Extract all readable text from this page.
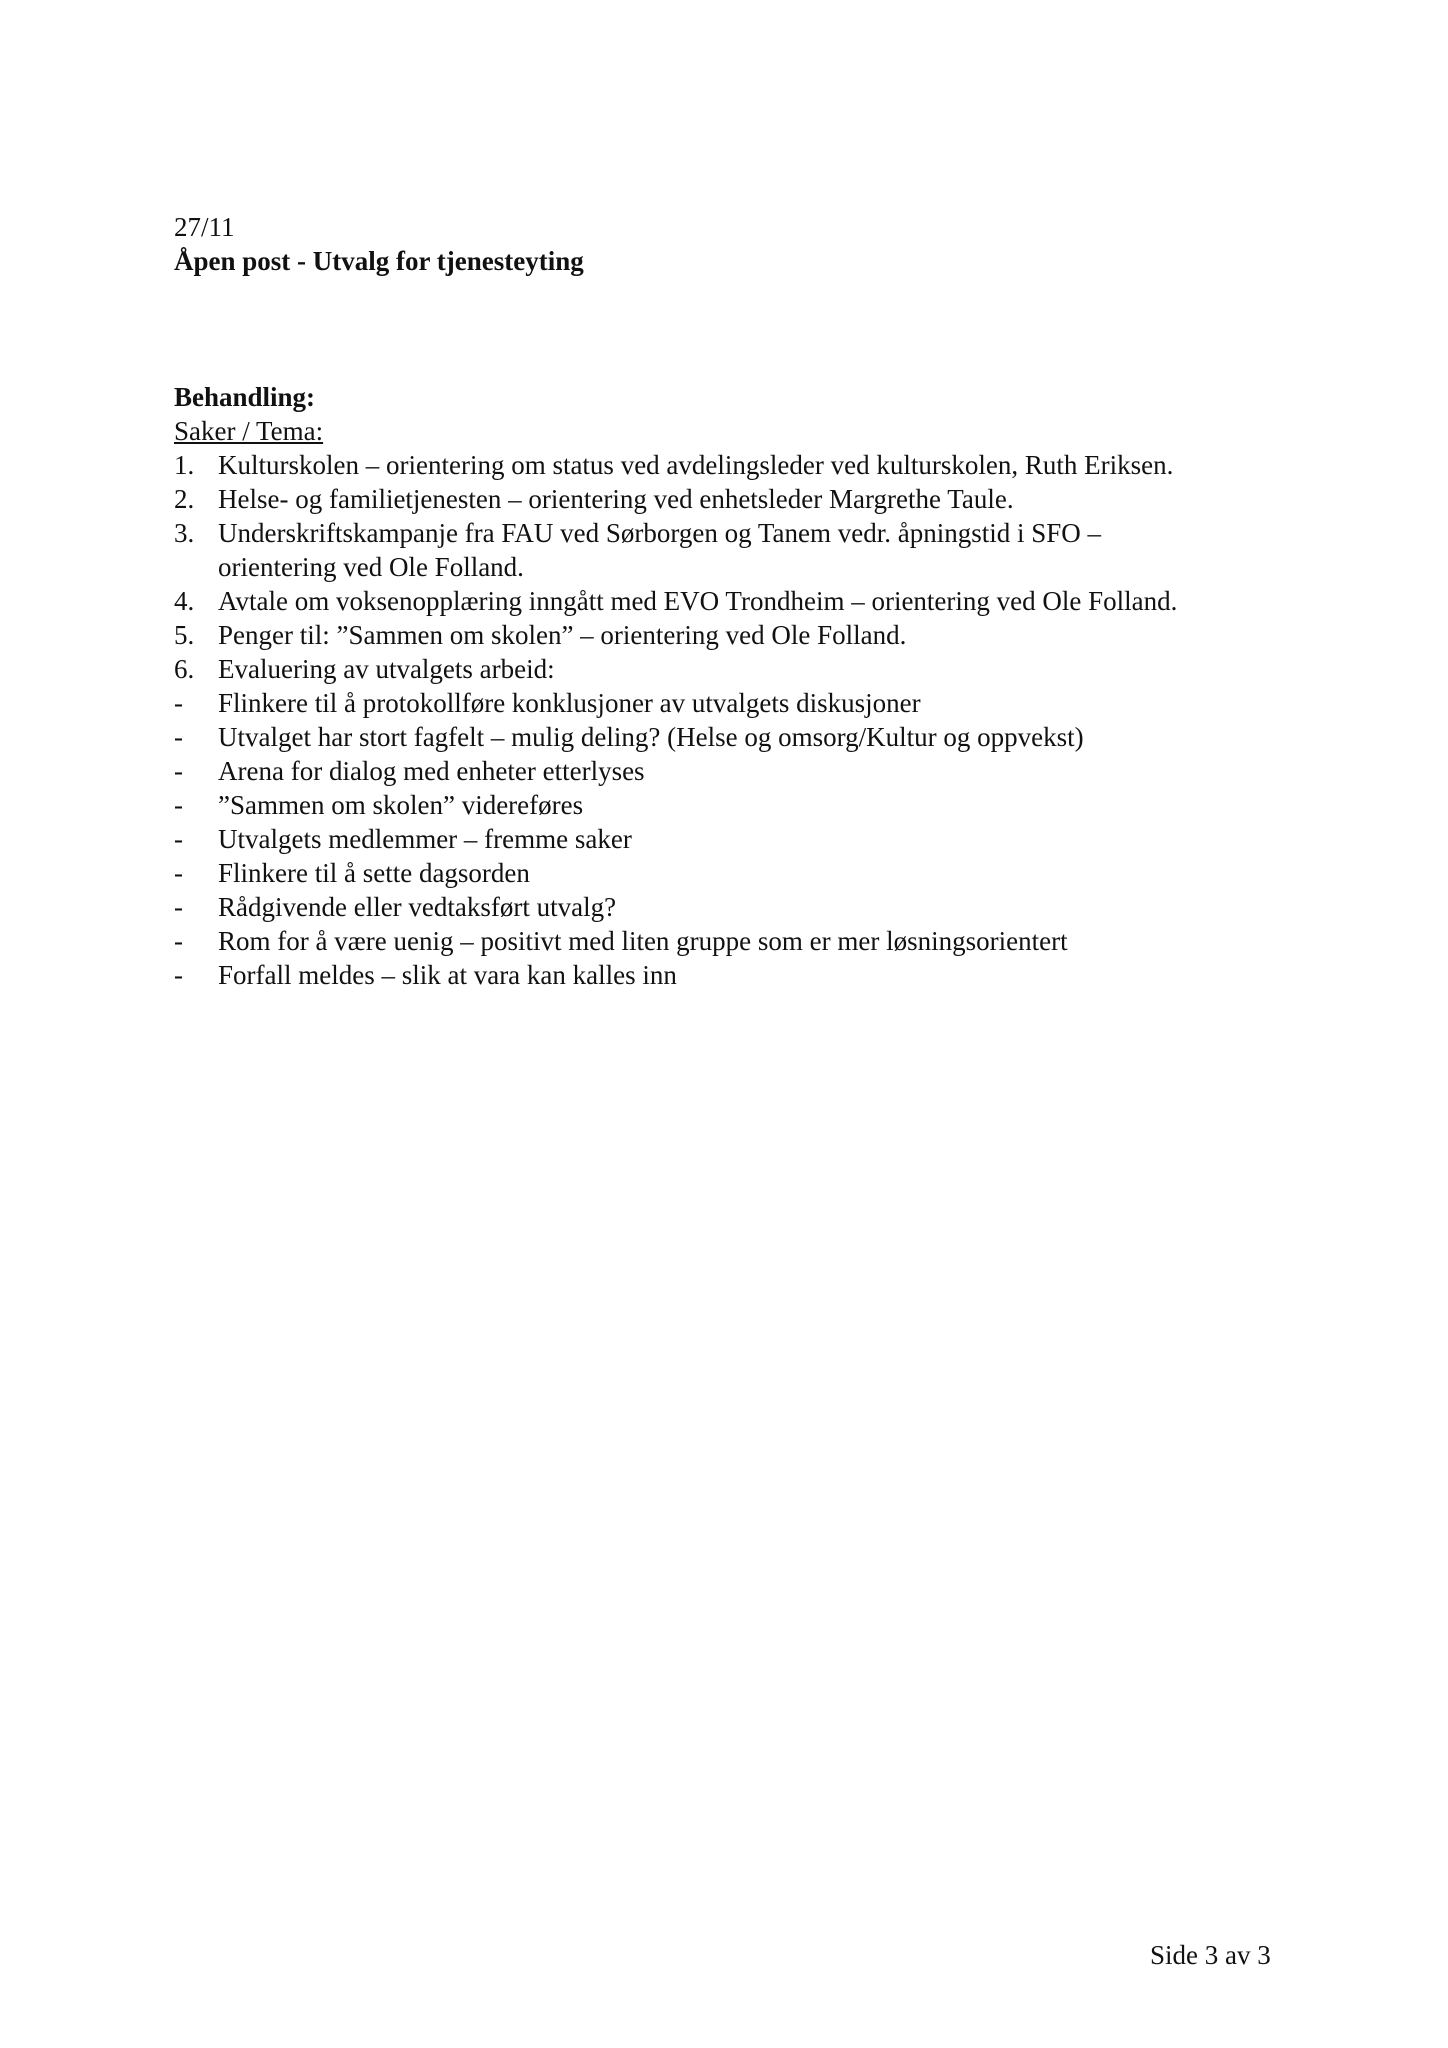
27/11
Åpen post - Utvalg for tjenesteyting
Behandling:
Saker / Tema:
1. Kulturskolen – orientering om status ved avdelingsleder ved kulturskolen, Ruth Eriksen.
2. Helse- og familietjenesten – orientering ved enhetsleder Margrethe Taule.
3. Underskriftskampanje fra FAU ved Sørborgen og Tanem vedr. åpningstid i SFO –
orientering ved Ole Folland.
4. Avtale om voksenopplæring inngått med EVO Trondheim – orientering ved Ole Folland.
5. Penger til: ”Sammen om skolen” – orientering ved Ole Folland.
6. Evaluering av utvalgets arbeid:
-	Flinkere til å protokollføre konklusjoner av utvalgets diskusjoner
-	Utvalget har stort fagfelt – mulig deling? (Helse og omsorg/Kultur og oppvekst)
-	Arena for dialog med enheter etterlyses
-	”Sammen om skolen” videreføres
-	Utvalgets medlemmer – fremme saker
-	Flinkere til å sette dagsorden
-	Rådgivende eller vedtaksført utvalg?
-	Rom for å være uenig – positivt med liten gruppe som er mer løsningsorientert
-	Forfall meldes – slik at vara kan kalles inn
Side 3 av 3
